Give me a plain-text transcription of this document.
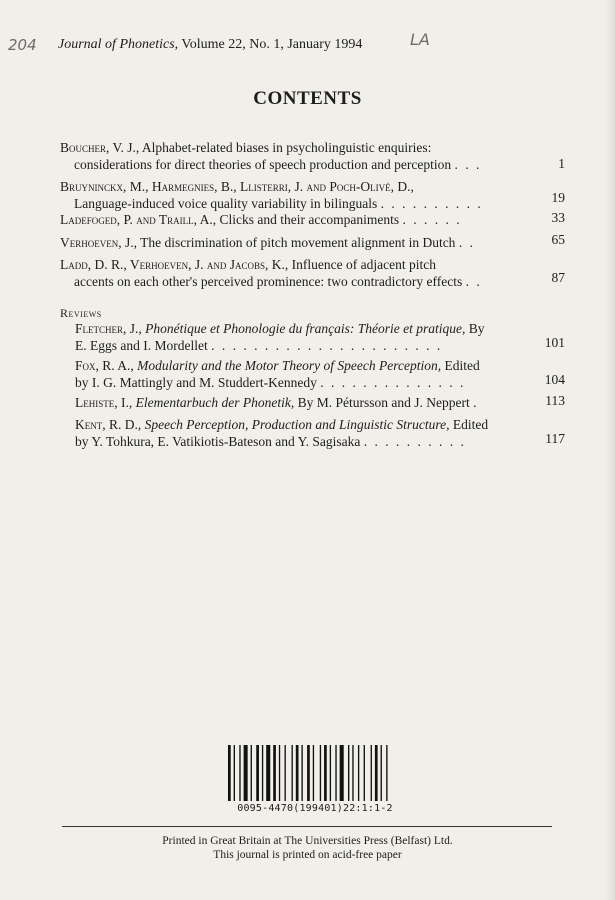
204	LA
Journal of Phonetics, Volume 22, No. 1, January 1994
CONTENTS
Boucher, V. J., Alphabet-related biases in psycholinguistic enquiries:
considerations for direct theories of speech production and perception . . .	1
Bruyninckx, M., Harmegnies, B., Llisterri, J. and Poch-Olivé, D.,
Language-induced voice quality variability in bilinguals . . . . . . . . . .	19
Ladefoged, P. and Traill, A., Clicks and their accompaniments . . . . . .	33
Verhoeven, J., The discrimination of pitch movement alignment in Dutch . .	65
Ladd, D. R., Verhoeven, J. and Jacobs, K., Influence of adjacent pitch
accents on each other's perceived prominence: two contradictory effects . .	87
Reviews
Fletcher, J., Phonétique et Phonologie du français: Théorie et pratique, By
E. Eggs and I. Mordellet . . . . . . . . . . . . . . . . . . . . . .	101
Fox, R. A., Modularity and the Motor Theory of Speech Perception, Edited
by I. G. Mattingly and M. Studdert-Kennedy . . . . . . . . . . . . . .	104
Lehiste, I., Elementarbuch der Phonetik, By M. Pétursson and J. Neppert .	113
Kent, R. D., Speech Perception, Production and Linguistic Structure, Edited
by Y. Tohkura, E. Vatikiotis-Bateson and Y. Sagisaka . . . . . . . . . .	117
0095-4470(199401)22:1:1-2
Printed in Great Britain at The Universities Press (Belfast) Ltd.
This journal is printed on acid-free paper
